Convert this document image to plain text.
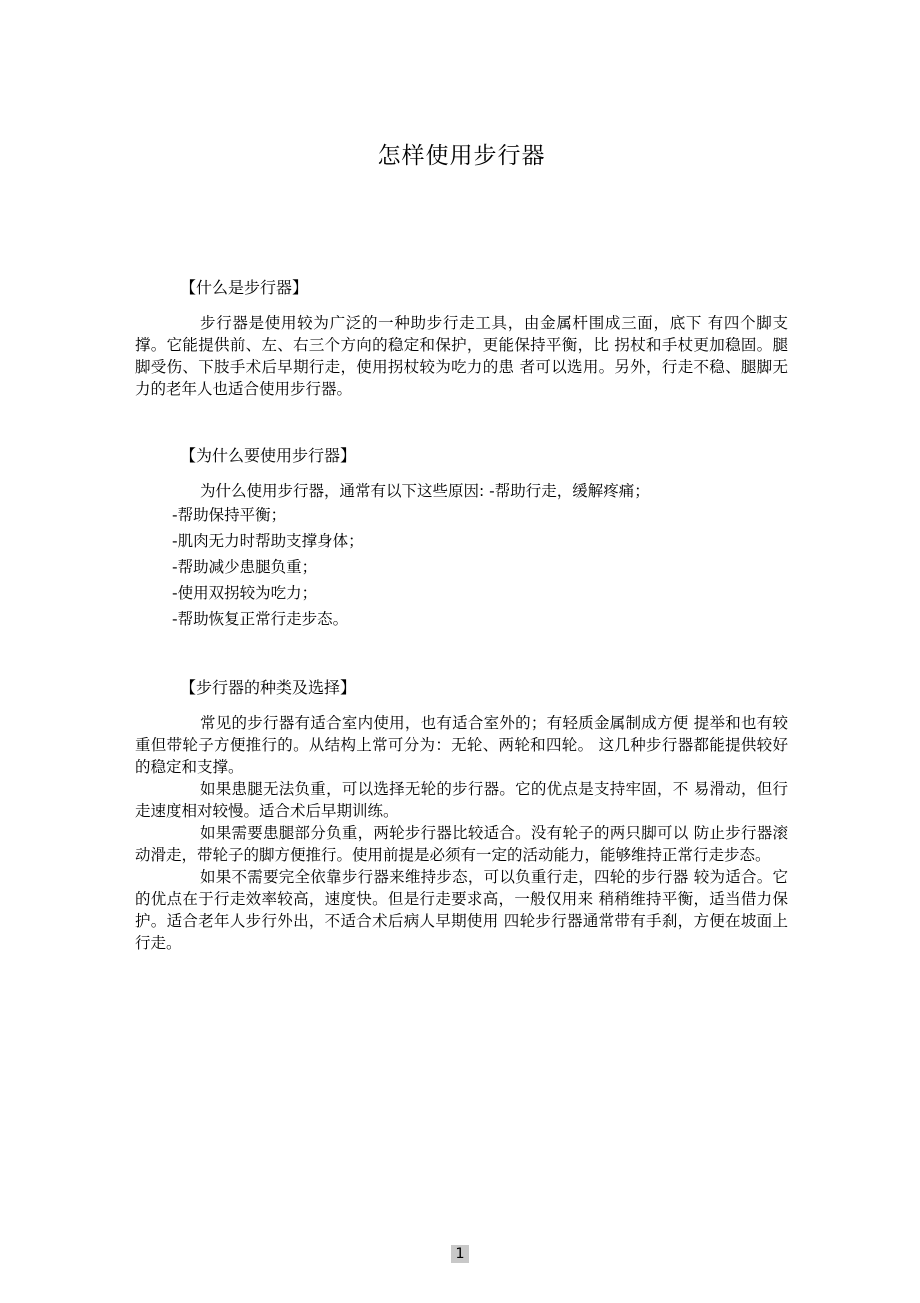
怎样使用步行器

【什么是步行器】

步行器是使用较为广泛的一种助步行走工具，由金属杆围成三面，底下 有四个脚支撑。它能提供前、左、右三个方向的稳定和保护，更能保持平衡，比 拐杖和手杖更加稳固。腿脚受伤、下肢手术后早期行走，使用拐杖较为吃力的患 者可以选用。另外，行走不稳、腿脚无力的老年人也适合使用步行器。

【为什么要使用步行器】

为什么使用步行器，通常有以下这些原因: -帮助行走，缓解疼痛；

-帮助保持平衡；

-肌肉无力时帮助支撑身体；

-帮助减少患腿负重；

-使用双拐较为吃力；

-帮助恢复正常行走步态。

【步行器的种类及选择】

常见的步行器有适合室内使用，也有适合室外的；有轻质金属制成方便 提举和也有较重但带轮子方便推行的。从结构上常可分为：无轮、两轮和四轮。 这几种步行器都能提供较好的稳定和支撑。

如果患腿无法负重，可以选择无轮的步行器。它的优点是支持牢固，不 易滑动，但行走速度相对较慢。适合术后早期训练。

如果需要患腿部分负重，两轮步行器比较适合。没有轮子的两只脚可以 防止步行器滚动滑走，带轮子的脚方便推行。使用前提是必须有一定的活动能力，能够维持正常行走步态。

如果不需要完全依靠步行器来维持步态，可以负重行走，四轮的步行器 较为适合。它的优点在于行走效率较高，速度快。但是行走要求高，一般仅用来 稍稍维持平衡，适当借力保护。适合老年人步行外出，不适合术后病人早期使用 四轮步行器通常带有手刹，方便在坡面上行走。

1
